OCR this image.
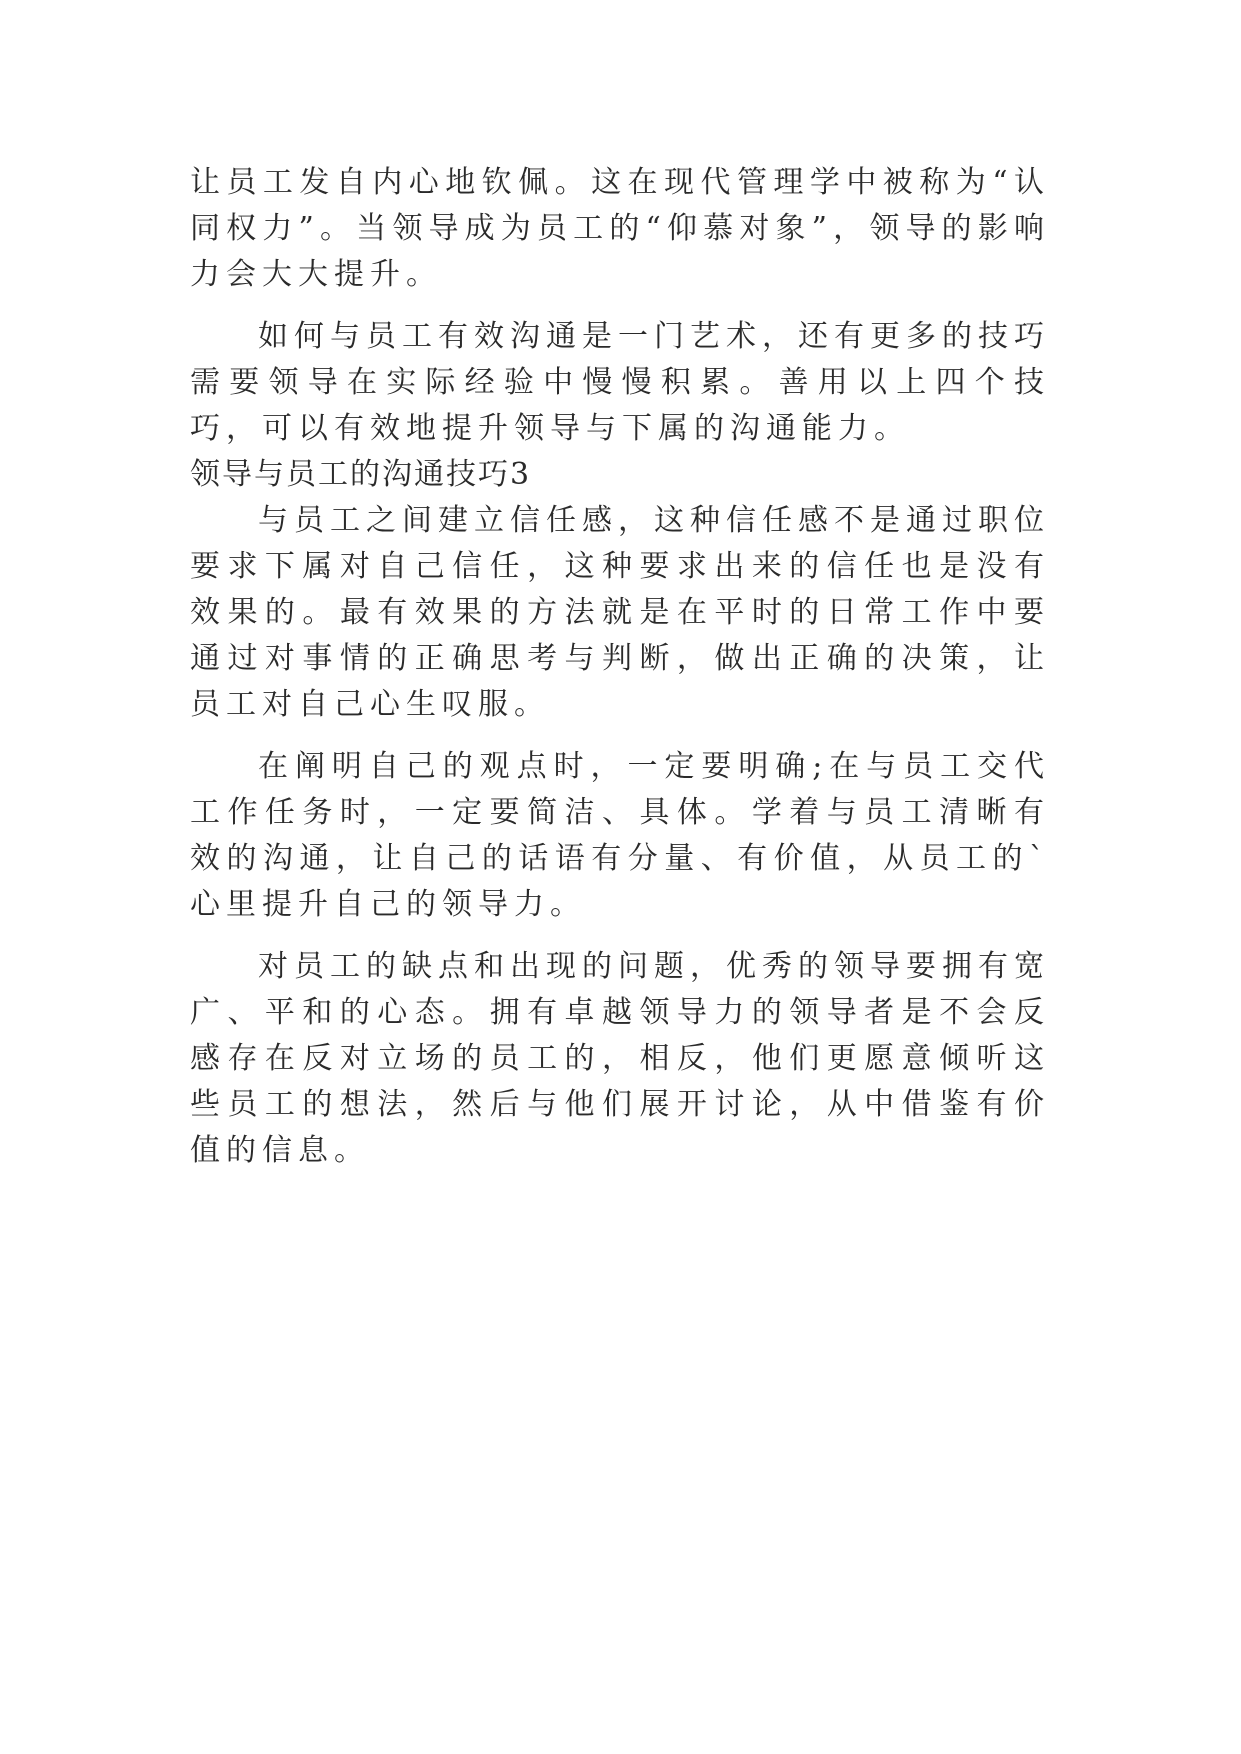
让员工发自内心地钦佩。这在现代管理学中被称为“认同权力”。当领导成为员工的“仰慕对象”，领导的影响力会大大提升。

如何与员工有效沟通是一门艺术，还有更多的技巧需要领导在实际经验中慢慢积累。善用以上四个技巧，可以有效地提升领导与下属的沟通能力。

领导与员工的沟通技巧3

与员工之间建立信任感，这种信任感不是通过职位要求下属对自己信任，这种要求出来的信任也是没有效果的。最有效果的方法就是在平时的日常工作中要通过对事情的正确思考与判断，做出正确的决策，让员工对自己心生叹服。

在阐明自己的观点时，一定要明确;在与员工交代工作任务时，一定要简洁、具体。学着与员工清晰有效的沟通，让自己的话语有分量、有价值，从员工的`心里提升自己的领导力。

对员工的缺点和出现的问题，优秀的领导要拥有宽广、平和的心态。拥有卓越领导力的领导者是不会反感存在反对立场的员工的，相反，他们更愿意倾听这些员工的想法，然后与他们展开讨论，从中借鉴有价值的信息。
